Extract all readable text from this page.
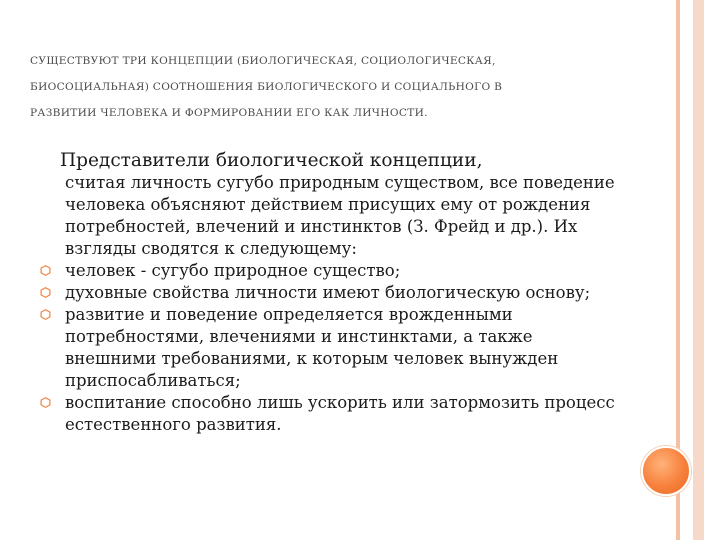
СУЩЕСТВУЮТ ТРИ КОНЦЕПЦИИ (БИОЛОГИЧЕСКАЯ, СОЦИОЛОГИЧЕСКАЯ,
БИОСОЦИАЛЬНАЯ) СООТНОШЕНИЯ БИОЛОГИЧЕСКОГО И СОЦИАЛЬНОГО В
РАЗВИТИИ ЧЕЛОВЕКА И ФОРМИРОВАНИИ ЕГО КАК ЛИЧНОСТИ.
Представители биологической концепции,
считая личность сугубо природным существом, все поведение человека объясняют действием присущих ему от рождения потребностей, влечений и инстинктов (З. Фрейд и др.). Их взгляды сводятся к следующему:
человек - сугубо природное существо;
духовные свойства личности имеют биологическую основу;
развитие и поведение определяется врожденными потребностями, влечениями и инстинктами, а также внешними требованиями, к которым человек вынужден приспосабливаться;
воспитание способно лишь ускорить или затормозить процесс естественного развития.
